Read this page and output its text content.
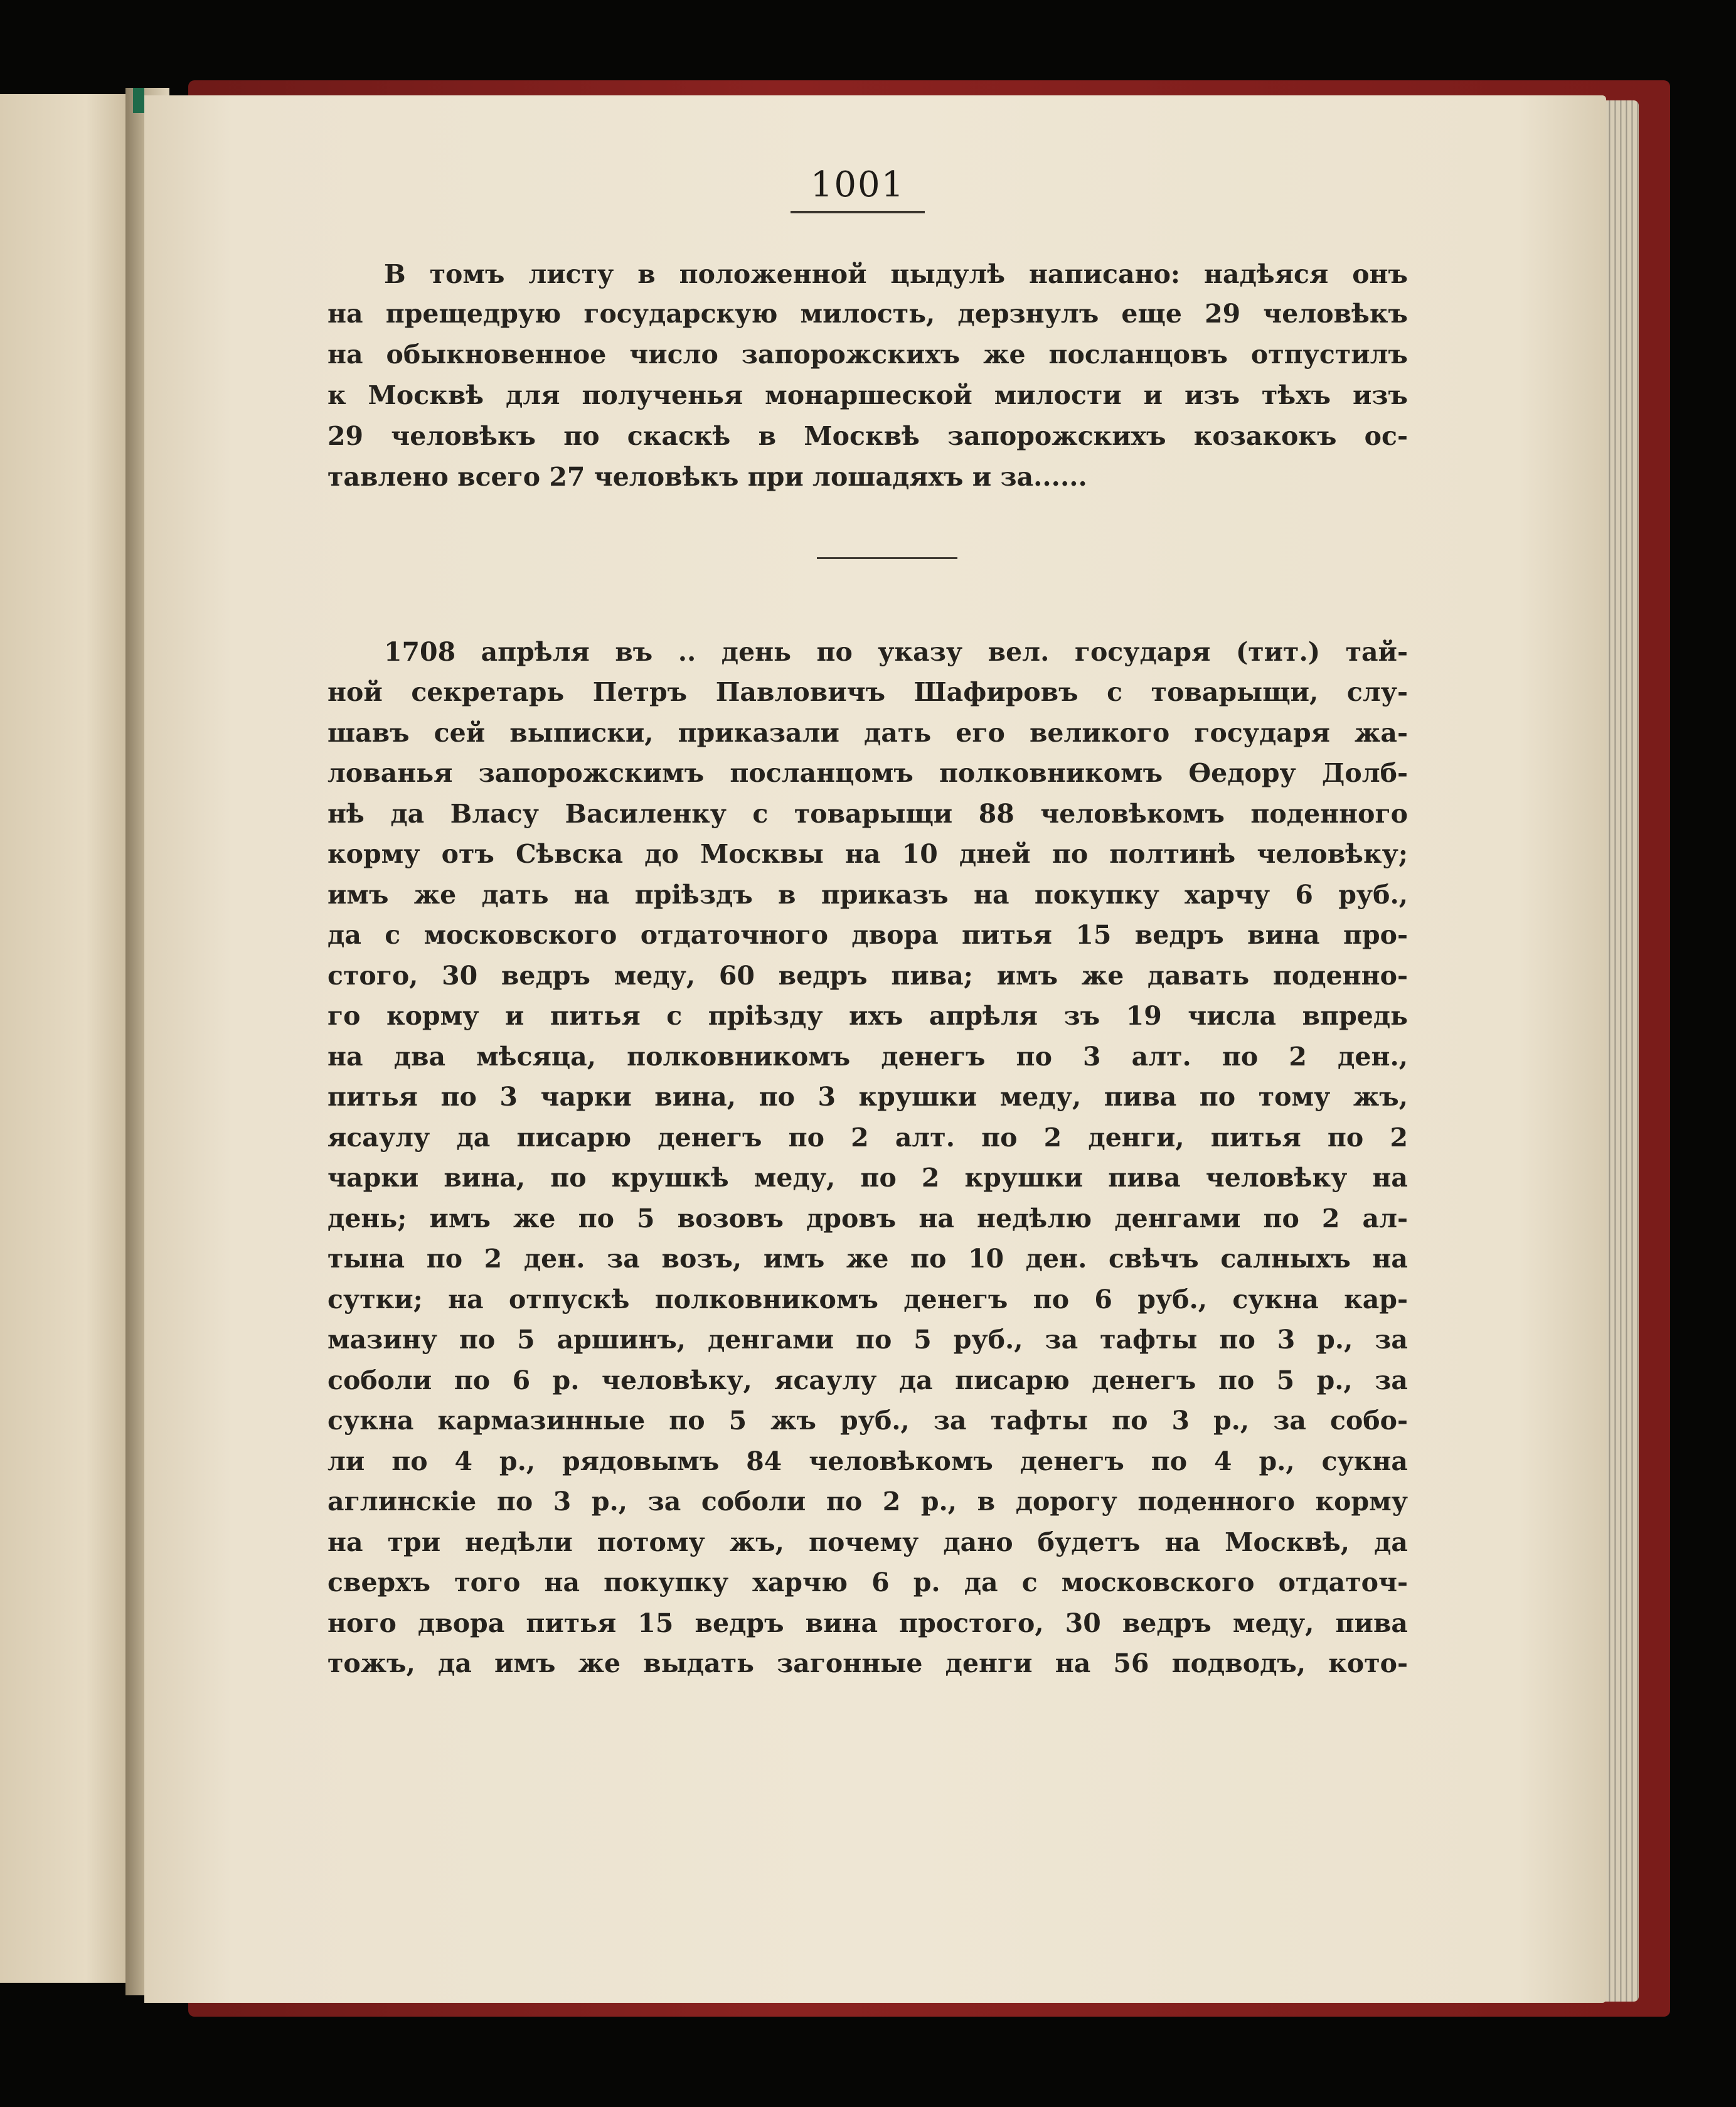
1001
В томъ листу в положенной цыдулѣ написано: надѣяся онъ
на прещедрую государскую милость, дерзнулъ еще 29 человѣкъ
на обыкновенное число запорожскихъ же посланцовъ отпустилъ
к Москвѣ для полученья монаршеской милости и изъ тѣхъ изъ
29 человѣкъ по скаскѣ в Москвѣ запорожскихъ козакокъ ос-
тавлено всего 27 человѣкъ при лошадяхъ и за......
1708 апрѣля въ .. день по указу вел. государя (тит.) тай-
ной секретарь Петръ Павловичъ Шафировъ с товарыщи, слу-
шавъ сей выписки, приказали дать его великого государя жа-
лованья запорожскимъ посланцомъ полковникомъ Ѳедору Долб-
нѣ да Власу Василенку с товарыщи 88 человѣкомъ поденного
корму отъ Сѣвска до Москвы на 10 дней по полтинѣ человѣку;
имъ же дать на прiѣздъ в приказъ на покупку харчу 6 руб.,
да с московского отдаточного двора питья 15 ведръ вина про-
стого, 30 ведръ меду, 60 ведръ пива; имъ же давать поденно-
го корму и питья с прiѣзду ихъ апрѣля зъ 19 числа впредь
на два мѣсяца, полковникомъ денегъ по 3 алт. по 2 ден.,
питья по 3 чарки вина, по 3 крушки меду, пива по тому жъ,
ясаулу да писарю денегъ по 2 алт. по 2 денги, питья по 2
чарки вина, по крушкѣ меду, по 2 крушки пива человѣку на
день; имъ же по 5 возовъ дровъ на недѣлю денгами по 2 ал-
тына по 2 ден. за возъ, имъ же по 10 ден. свѣчъ салныхъ на
сутки; на отпускѣ полковникомъ денегъ по 6 руб., сукна кар-
мазину по 5 аршинъ, денгами по 5 руб., за тафты по 3 р., за
соболи по 6 р. человѣку, ясаулу да писарю денегъ по 5 р., за
сукна кармазинные по 5 жъ руб., за тафты по 3 р., за собо-
ли по 4 р., рядовымъ 84 человѣкомъ денегъ по 4 р., сукна
аглинскiе по 3 р., за соболи по 2 р., в дорогу поденного корму
на три недѣли потому жъ, почему дано будетъ на Москвѣ, да
сверхъ того на покупку харчю 6 р. да с московского отдаточ-
ного двора питья 15 ведръ вина простого, 30 ведръ меду, пива
тожъ, да имъ же выдать загонные денги на 56 подводъ, кото-
